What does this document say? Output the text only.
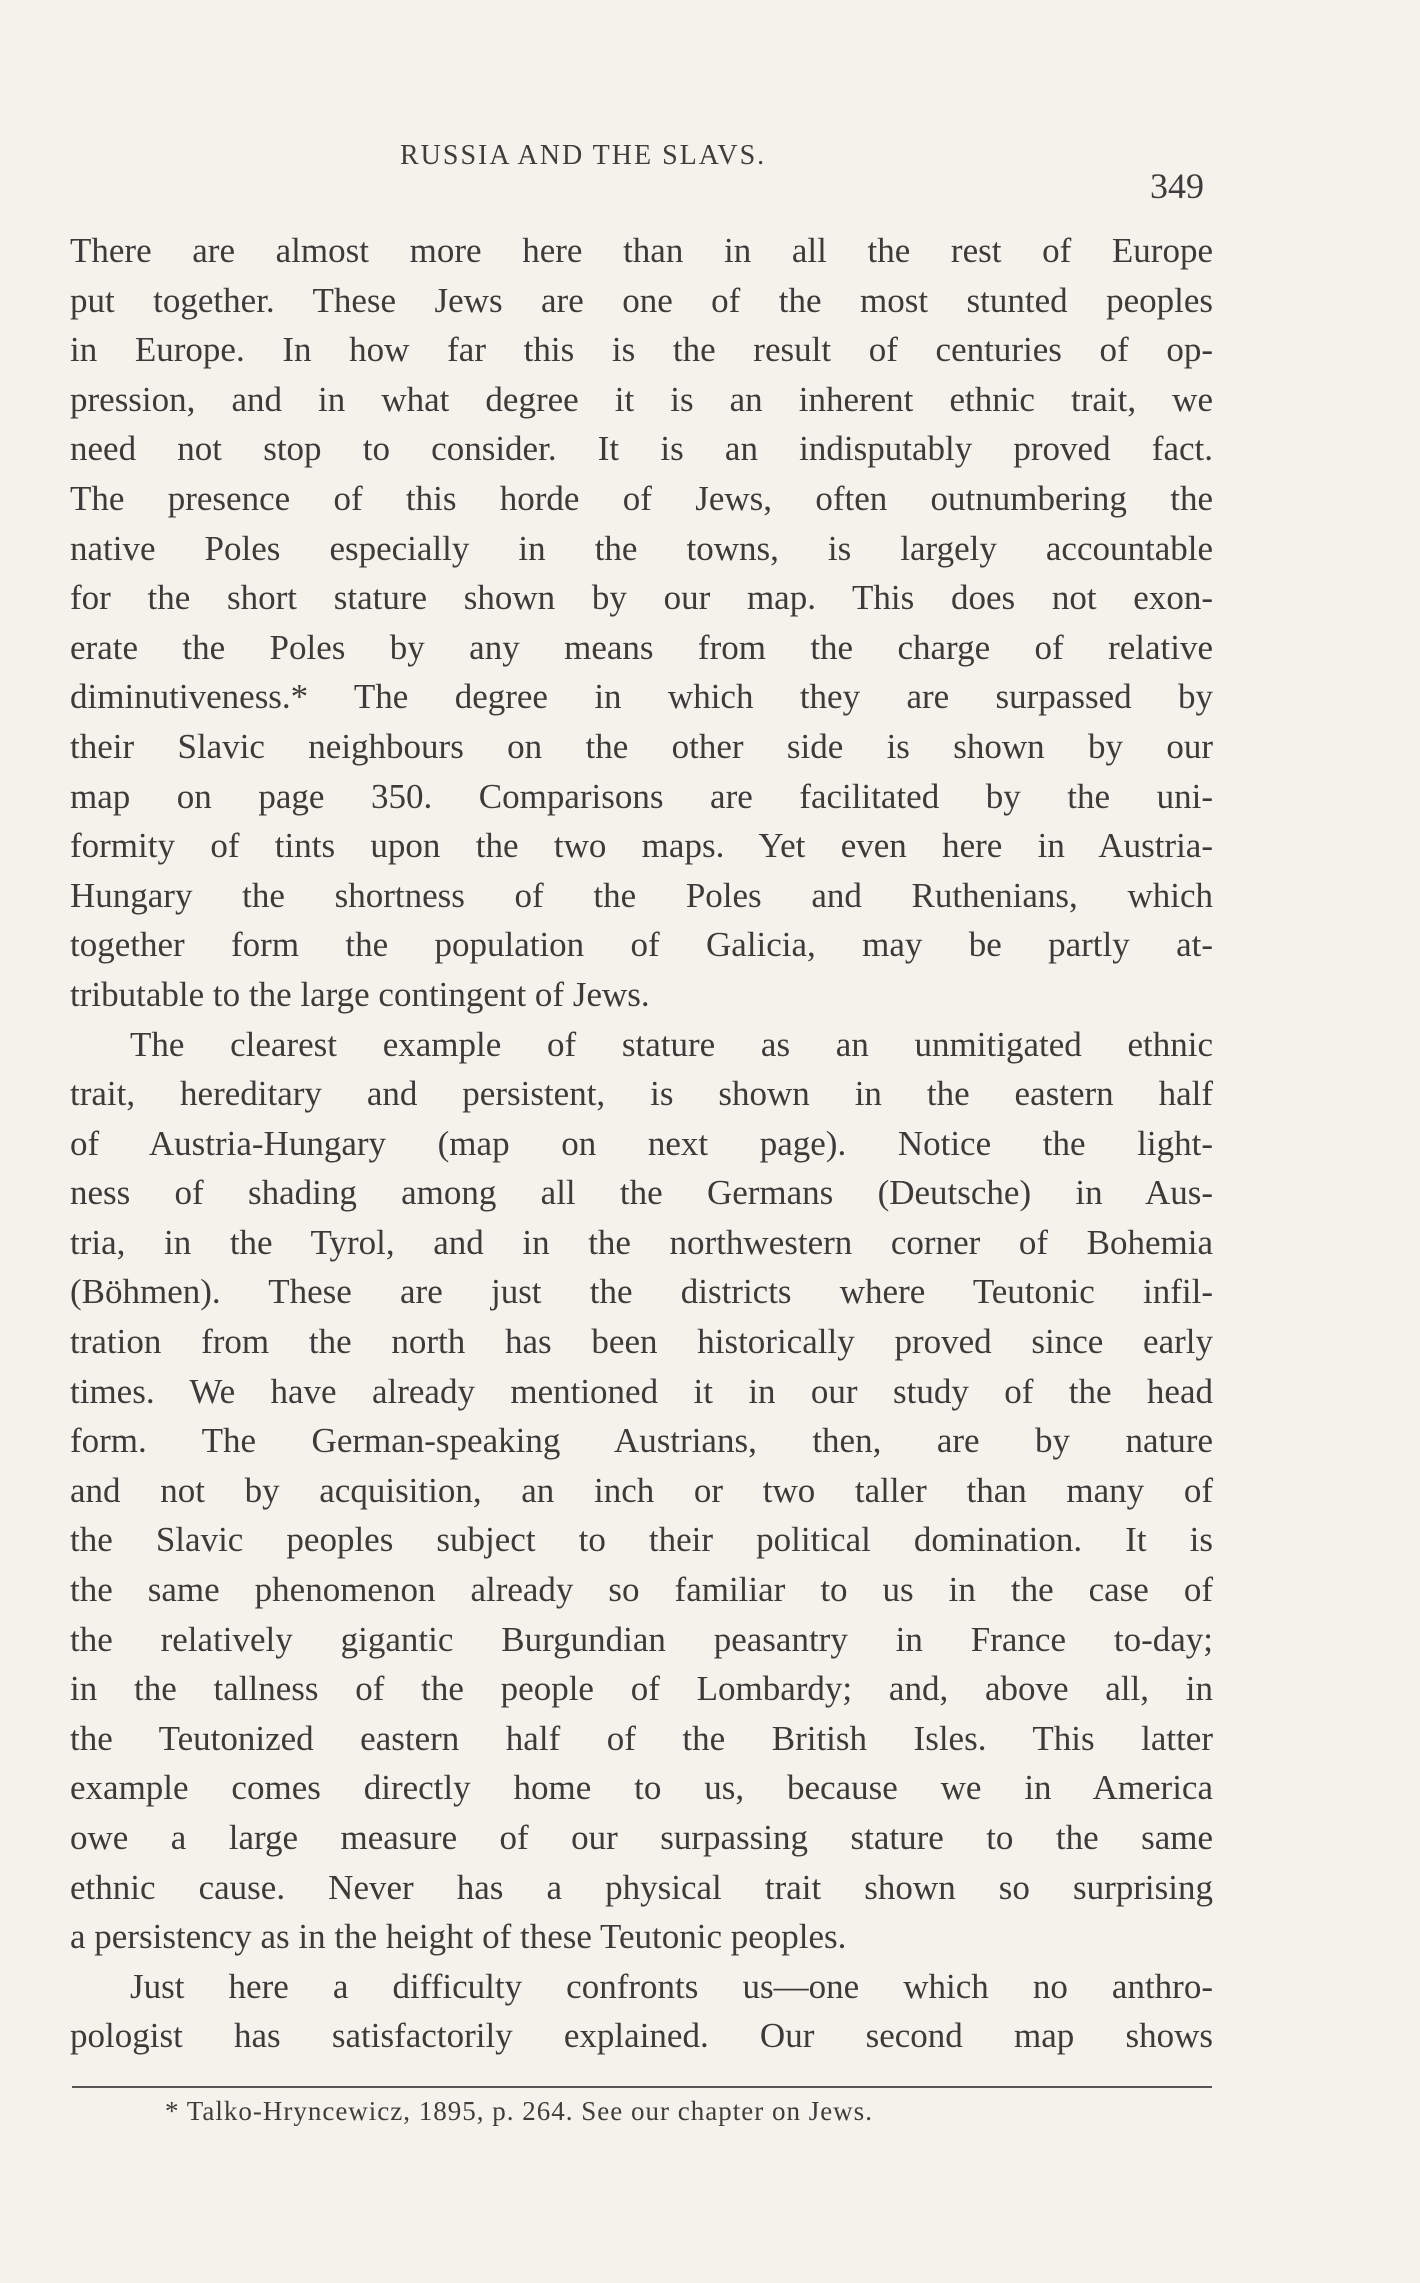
RUSSIA AND THE SLAVS.
349
There are almost more here than in all the rest of Europe
put together. These Jews are one of the most stunted peoples
in Europe. In how far this is the result of centuries of op-
pression, and in what degree it is an inherent ethnic trait, we
need not stop to consider. It is an indisputably proved fact.
The presence of this horde of Jews, often outnumbering the
native Poles especially in the towns, is largely accountable
for the short stature shown by our map. This does not exon-
erate the Poles by any means from the charge of relative
diminutiveness.* The degree in which they are surpassed by
their Slavic neighbours on the other side is shown by our
map on page 350. Comparisons are facilitated by the uni-
formity of tints upon the two maps. Yet even here in Austria-
Hungary the shortness of the Poles and Ruthenians, which
together form the population of Galicia, may be partly at-
tributable to the large contingent of Jews.
The clearest example of stature as an unmitigated ethnic
trait, hereditary and persistent, is shown in the eastern half
of Austria-Hungary (map on next page). Notice the light-
ness of shading among all the Germans (Deutsche) in Aus-
tria, in the Tyrol, and in the northwestern corner of Bohemia
(Böhmen). These are just the districts where Teutonic infil-
tration from the north has been historically proved since early
times. We have already mentioned it in our study of the head
form. The German-speaking Austrians, then, are by nature
and not by acquisition, an inch or two taller than many of
the Slavic peoples subject to their political domination. It is
the same phenomenon already so familiar to us in the case of
the relatively gigantic Burgundian peasantry in France to-day;
in the tallness of the people of Lombardy; and, above all, in
the Teutonized eastern half of the British Isles. This latter
example comes directly home to us, because we in America
owe a large measure of our surpassing stature to the same
ethnic cause. Never has a physical trait shown so surprising
a persistency as in the height of these Teutonic peoples.
Just here a difficulty confronts us—one which no anthro-
pologist has satisfactorily explained. Our second map shows
* Talko-Hryncewicz, 1895, p. 264. See our chapter on Jews.
